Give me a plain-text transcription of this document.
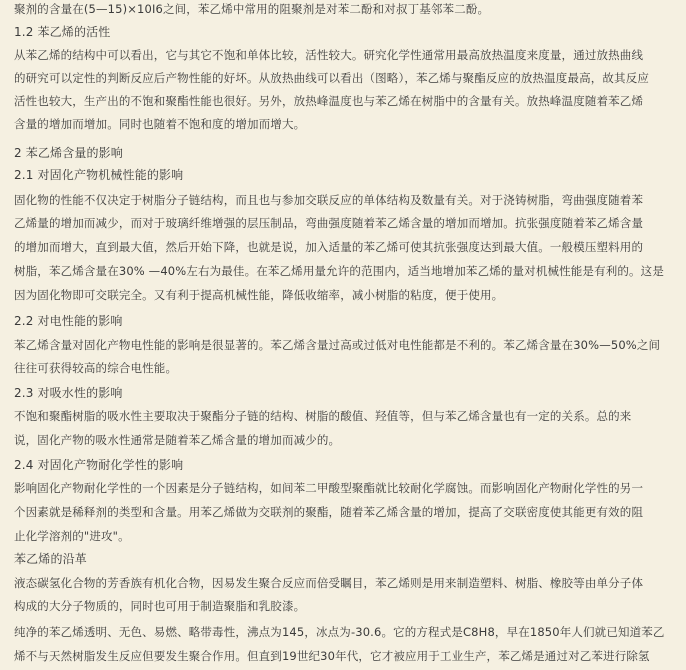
聚剂的含量在(5—15)×10I6之间，苯乙烯中常用的阻聚剂是对苯二酚和对叔丁基邻苯二酚。
1.2 苯乙烯的活性
从苯乙烯的结构中可以看出，它与其它不饱和单体比较，活性较大。研究化学性通常用最高放热温度来度量，通过放热曲线
的研究可以定性的判断反应后产物性能的好坏。从放热曲线可以看出（图略），苯乙烯与聚酯反应的放热温度最高，故其反应
活性也较大，生产出的不饱和聚酯性能也很好。另外，放热峰温度也与苯乙烯在树脂中的含量有关。放热峰温度随着苯乙烯
含量的增加而增加。同时也随着不饱和度的增加而增大。
2 苯乙烯含量的影响
2.1 对固化产物机械性能的影响
固化物的性能不仅决定于树脂分子链结构，而且也与参加交联反应的单体结构及数量有关。对于浇铸树脂，弯曲强度随着苯
乙烯量的增加而减少，而对于玻璃纤维增强的层压制品，弯曲强度随着苯乙烯含量的增加而增加。抗张强度随着苯乙烯含量
的增加而增大，直到最大值，然后开始下降，也就是说，加入适量的苯乙烯可使其抗张强度达到最大值。一般模压塑料用的
树脂，苯乙烯含量在30% —40%左右为最佳。在苯乙烯用量允许的范围内，适当地增加苯乙烯的量对机械性能是有利的。这是
因为固化物即可交联完全。又有利于提高机械性能，降低收缩率，减小树脂的粘度，便于使用。
2.2 对电性能的影响
苯乙烯含量对固化产物电性能的影响是很显著的。苯乙烯含量过高或过低对电性能都是不利的。苯乙烯含量在30%—50%之间
往往可获得较高的综合电性能。
2.3 对吸水性的影响
不饱和聚酯树脂的吸水性主要取决于聚酯分子链的结构、树脂的酸值、羟值等，但与苯乙烯含量也有一定的关系。总的来
说，固化产物的吸水性通常是随着苯乙烯含量的增加而减少的。
2.4 对固化产物耐化学性的影响
影响固化产物耐化学性的一个因素是分子链结构，如间苯二甲酸型聚酯就比较耐化学腐蚀。而影响固化产物耐化学性的另一
个因素就是稀释剂的类型和含量。用苯乙烯做为交联剂的聚酯，随着苯乙烯含量的增加，提高了交联密度使其能更有效的阻
止化学溶剂的"进攻"。
苯乙烯的沿革
液态碳氢化合物的芳香族有机化合物，因易发生聚合反应而倍受瞩目，苯乙烯则是用来制造塑料、树脂、橡胶等由单分子体
构成的大分子物质的，同时也可用于制造聚脂和乳胶漆。
纯净的苯乙烯透明、无色、易燃、略带毒性，沸点为145，冰点为-30.6。它的方程式是C8H8，早在1850年人们就已知道苯乙
烯不与天然树脂发生反应但要发生聚合作用。但直到19世纪30年代，它才被应用于工业生产，苯乙烯是通过对乙苯进行除氢
